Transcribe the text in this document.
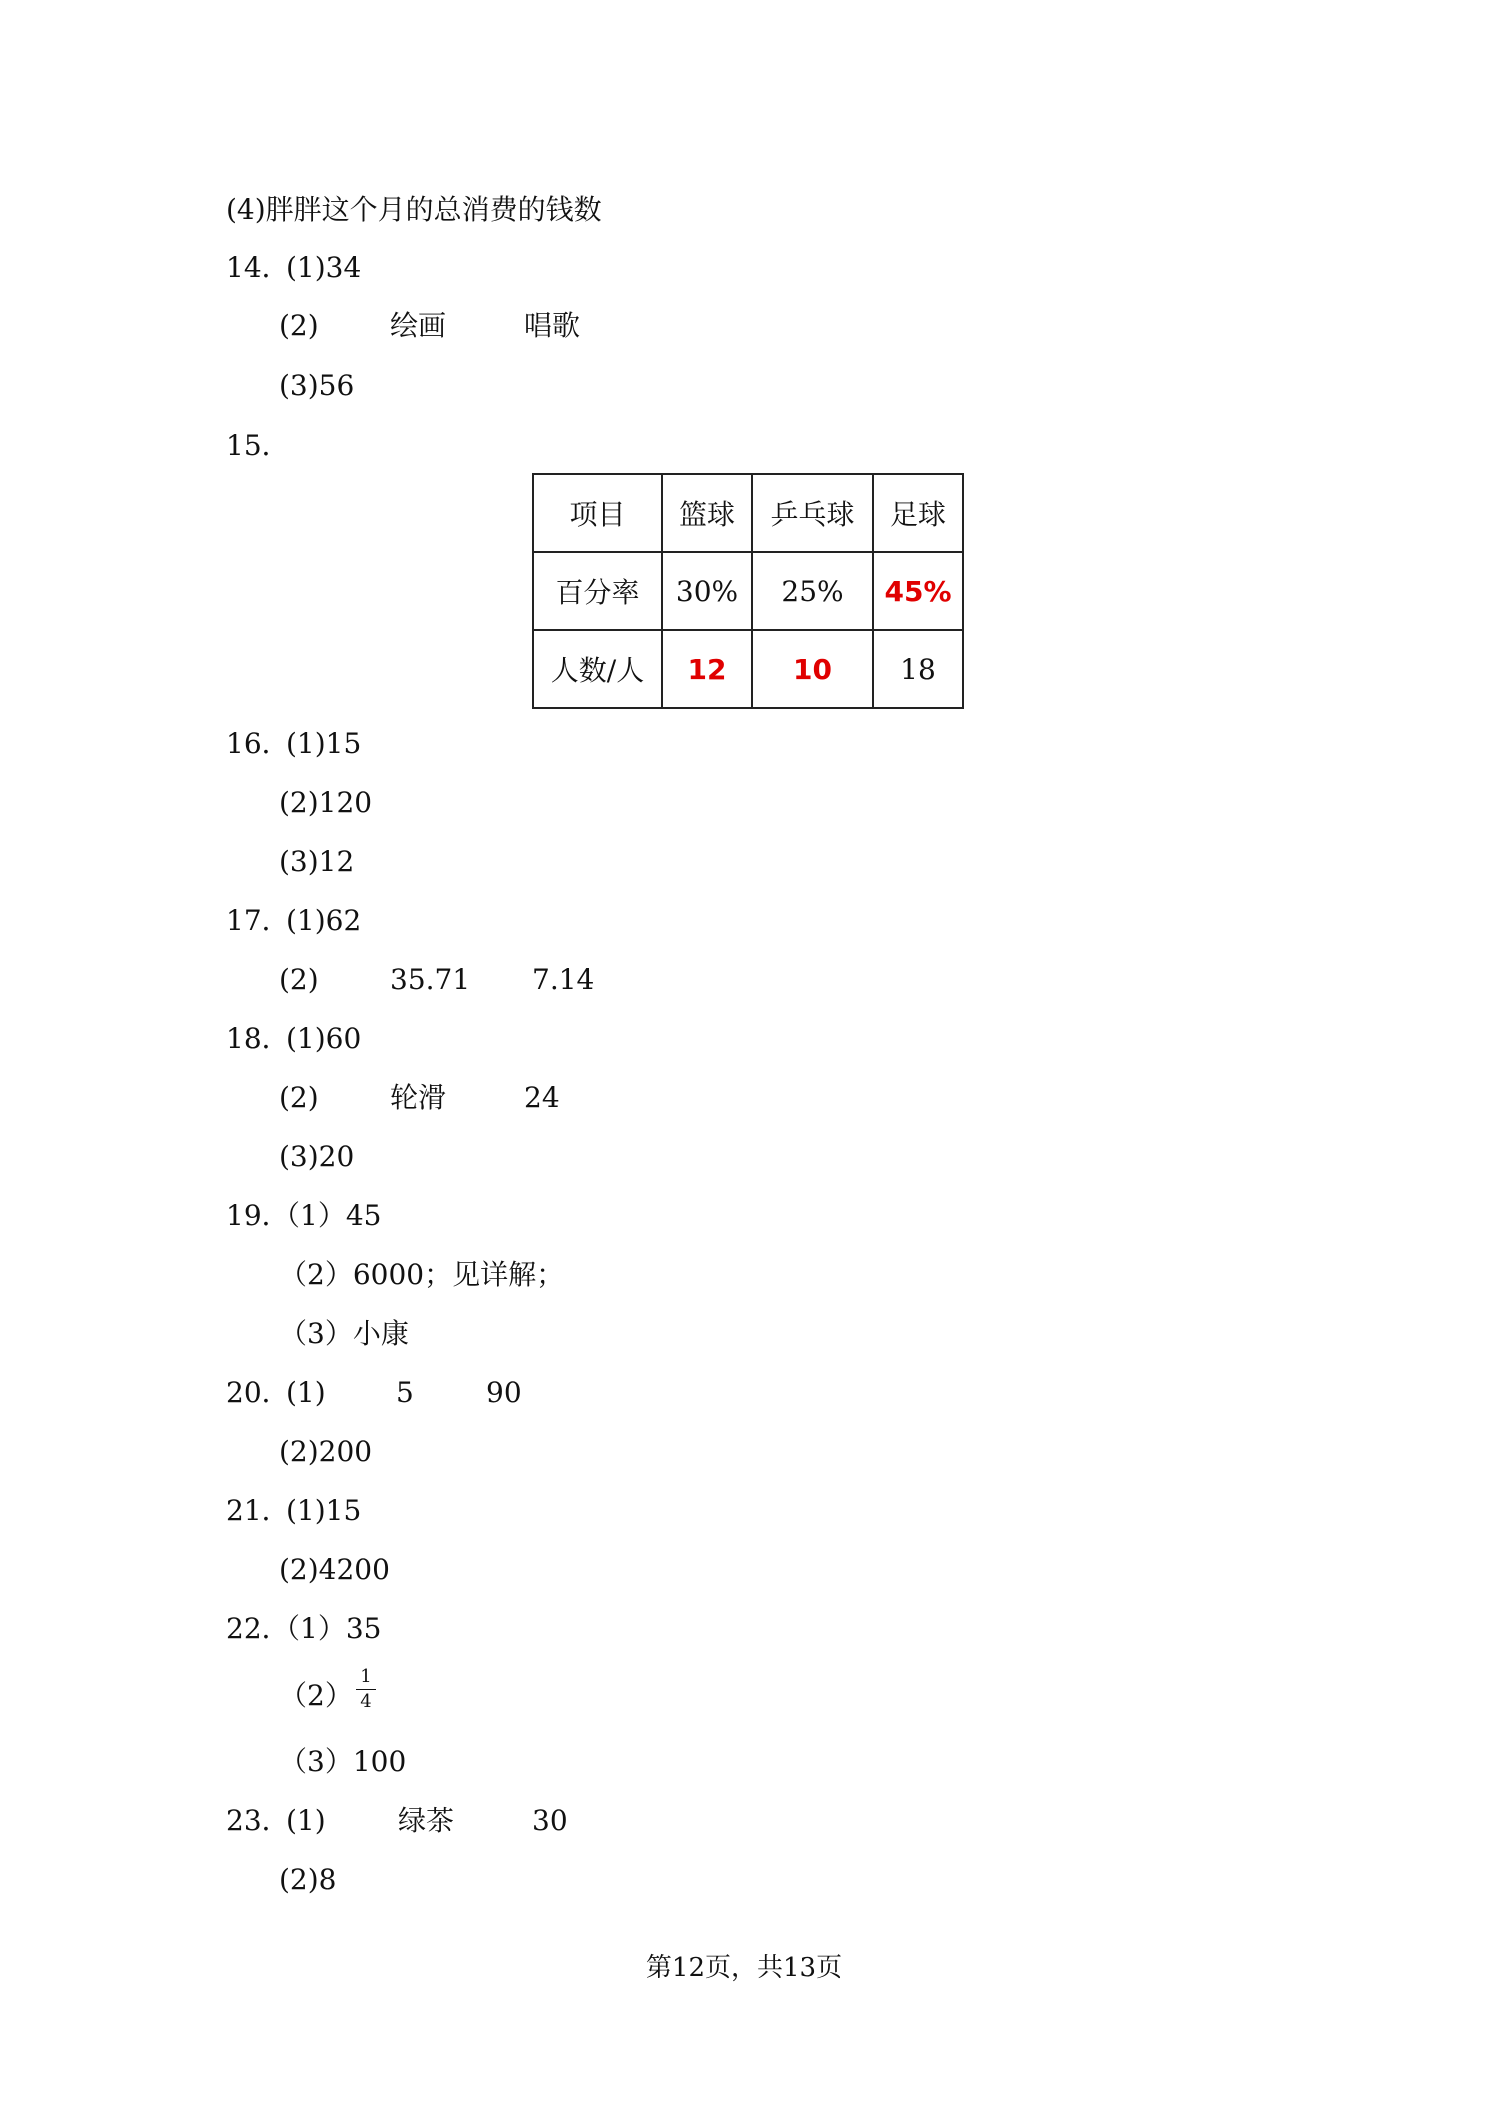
(4)胖胖这个月的总消费的钱数
14．
(1)34
(2)	绘画	唱歌
(3)56
15．
项目	篮球	乒乓球	足球
百分率	30%	25%	45%
人数/人	12	10	18
16．
(1)15
(2)120
(3)12
17．
(1)62
(2)	35.71 7.14
18．
(1)60
(2)	轮滑	24
(3)20
19．
（1）45
（2）6000；见详解；
（3）小康
20．
(1)	5	90
(2)200
21．
(1)15
(2)4200
22．
（1）35
（2）
1
4
（3）100
23．
(1)	绿茶	30
(2)8
第12页，共13页
